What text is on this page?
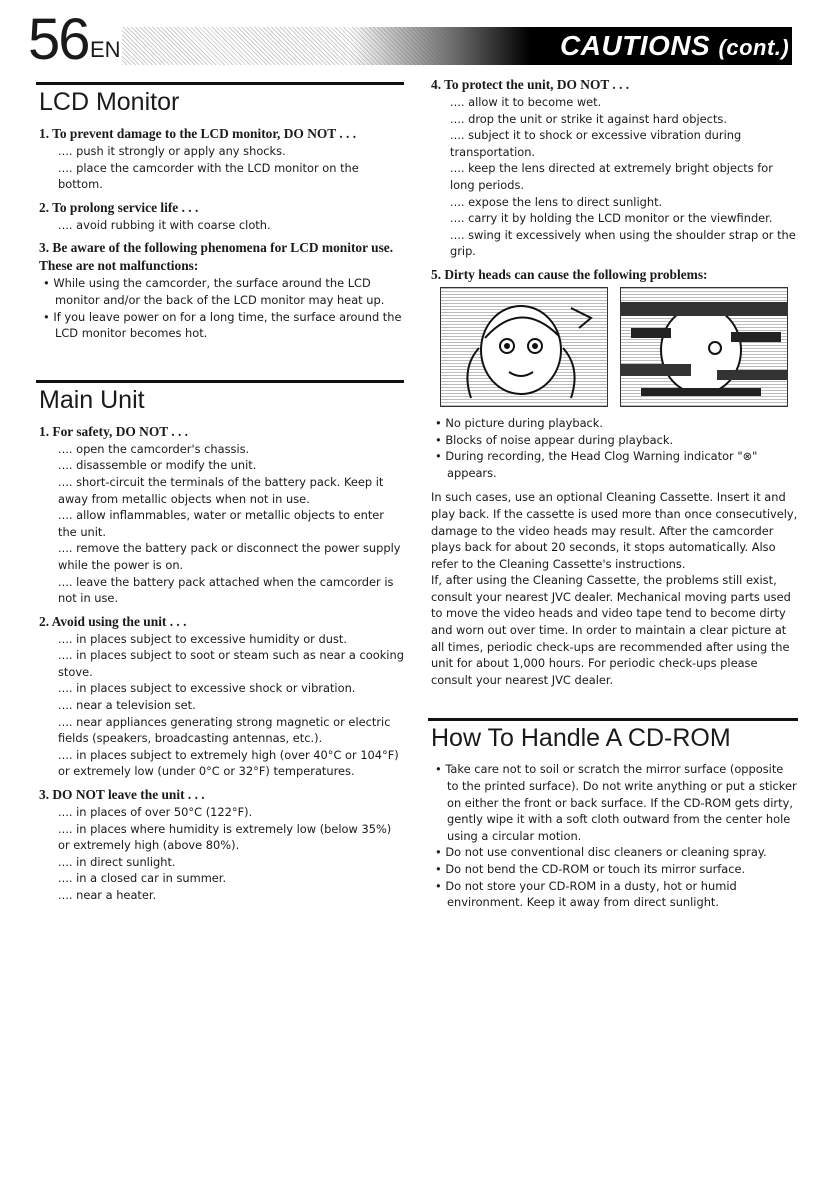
56 EN	CAUTIONS (cont.)
LCD Monitor
1. To prevent damage to the LCD monitor, DO NOT . . .
.... push it strongly or apply any shocks.
.... place the camcorder with the LCD monitor on the bottom.
2. To prolong service life . . .
.... avoid rubbing it with coarse cloth.
3. Be aware of the following phenomena for LCD monitor use.
These are not malfunctions:
• While using the camcorder, the surface around the LCD monitor and/or the back of the LCD monitor may heat up.
• If you leave power on for a long time, the surface around the LCD monitor becomes hot.
Main Unit
1. For safety, DO NOT . . .
.... open the camcorder's chassis.
.... disassemble or modify the unit.
.... short-circuit the terminals of the battery pack. Keep it away from metallic objects when not in use.
.... allow inflammables, water or metallic objects to enter the unit.
.... remove the battery pack or disconnect the power supply while the power is on.
.... leave the battery pack attached when the camcorder is not in use.
2. Avoid using the unit . . .
.... in places subject to excessive humidity or dust.
.... in places subject to soot or steam such as near a cooking stove.
.... in places subject to excessive shock or vibration.
.... near a television set.
.... near appliances generating strong magnetic or electric fields (speakers, broadcasting antennas, etc.).
.... in places subject to extremely high (over 40°C or 104°F) or extremely low (under 0°C or 32°F) temperatures.
3. DO NOT leave the unit . . .
.... in places of over 50°C (122°F).
.... in places where humidity is extremely low (below 35%) or extremely high (above 80%).
.... in direct sunlight.
.... in a closed car in summer.
.... near a heater.
4. To protect the unit, DO NOT . . .
.... allow it to become wet.
.... drop the unit or strike it against hard objects.
.... subject it to shock or excessive vibration during transportation.
.... keep the lens directed at extremely bright objects for long periods.
.... expose the lens to direct sunlight.
.... carry it by holding the LCD monitor or the viewfinder.
.... swing it excessively when using the shoulder strap or the grip.
5. Dirty heads can cause the following problems:
• No picture during playback.
• Blocks of noise appear during playback.
• During recording, the Head Clog Warning indicator "⊗" appears.
In such cases, use an optional Cleaning Cassette. Insert it and play back. If the cassette is used more than once consecutively, damage to the video heads may result. After the camcorder plays back for about 20 seconds, it stops automatically. Also refer to the Cleaning Cassette's instructions.
If, after using the Cleaning Cassette, the problems still exist, consult your nearest JVC dealer. Mechanical moving parts used to move the video heads and video tape tend to become dirty and worn out over time. In order to maintain a clear picture at all times, periodic check-ups are recommended after using the unit for about 1,000 hours. For periodic check-ups please consult your nearest JVC dealer.
How To Handle A CD-ROM
• Take care not to soil or scratch the mirror surface (opposite to the printed surface). Do not write anything or put a sticker on either the front or back surface. If the CD-ROM gets dirty, gently wipe it with a soft cloth outward from the center hole using a circular motion.
• Do not use conventional disc cleaners or cleaning spray.
• Do not bend the CD-ROM or touch its mirror surface.
• Do not store your CD-ROM in a dusty, hot or humid environment. Keep it away from direct sunlight.
